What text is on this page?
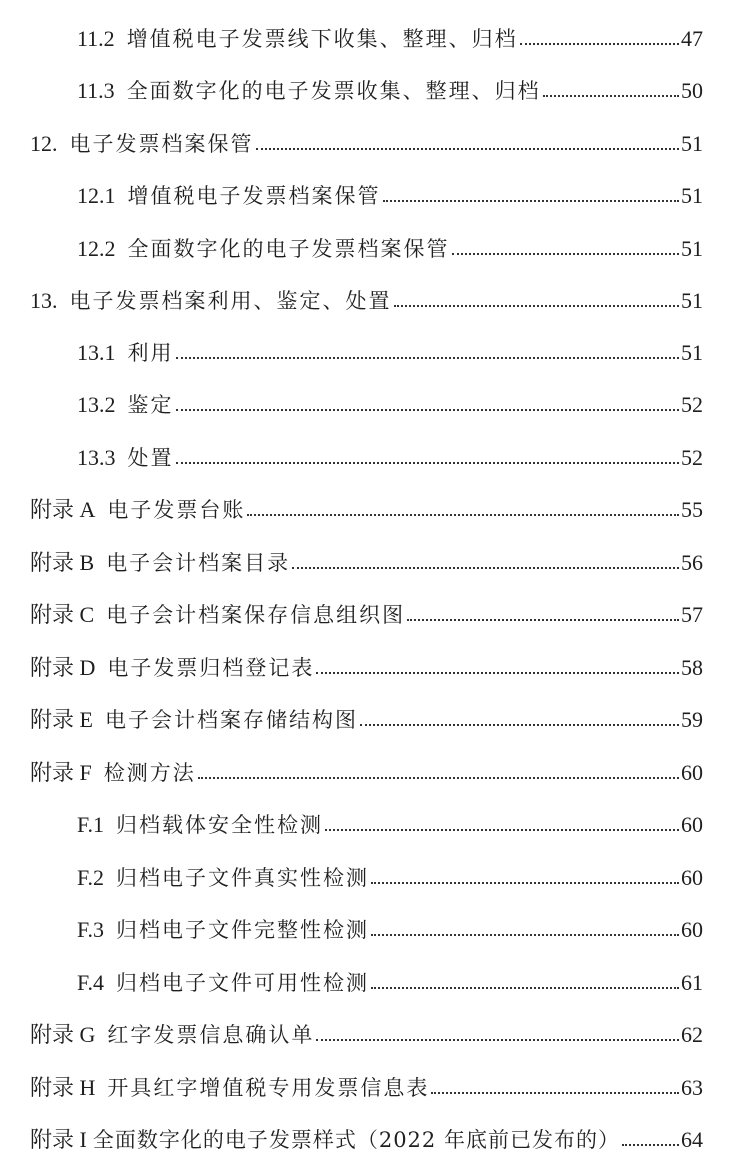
11.2 增值税电子发票线下收集、整理、归档	47
11.3 全面数字化的电子发票收集、整理、归档	50
12. 电子发票档案保管	51
12.1 增值税电子发票档案保管	51
12.2 全面数字化的电子发票档案保管	51
13. 电子发票档案利用、鉴定、处置	51
13.1 利用	51
13.2 鉴定	52
13.3 处置	52
附录 A 电子发票台账	55
附录 B 电子会计档案目录	56
附录 C 电子会计档案保存信息组织图	57
附录 D 电子发票归档登记表	58
附录 E 电子会计档案存储结构图	59
附录 F 检测方法	60
F.1 归档载体安全性检测	60
F.2 归档电子文件真实性检测	60
F.3 归档电子文件完整性检测	60
F.4 归档电子文件可用性检测	61
附录 G 红字发票信息确认单	62
附录 H 开具红字增值税专用发票信息表	63
附录 I 全面数字化的电子发票样式（2022 年底前已发布的）	64
